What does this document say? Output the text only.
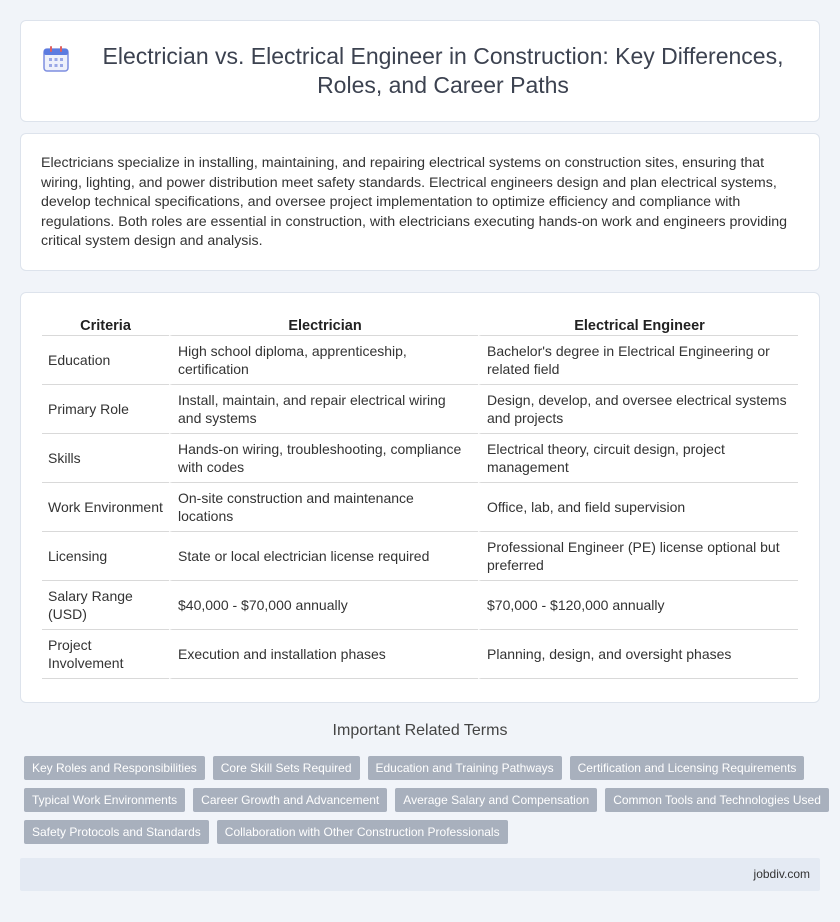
Electrician vs. Electrical Engineer in Construction: Key Differences, Roles, and Career Paths

Electricians specialize in installing, maintaining, and repairing electrical systems on construction sites, ensuring that wiring, lighting, and power distribution meet safety standards. Electrical engineers design and plan electrical systems, develop technical specifications, and oversee project implementation to optimize efficiency and compliance with regulations. Both roles are essential in construction, with electricians executing hands-on work and engineers providing critical system design and analysis.

Criteria	Electrician	Electrical Engineer
Education	High school diploma, apprenticeship, certification	Bachelor's degree in Electrical Engineering or related field
Primary Role	Install, maintain, and repair electrical wiring and systems	Design, develop, and oversee electrical systems and projects
Skills	Hands-on wiring, troubleshooting, compliance with codes	Electrical theory, circuit design, project management
Work Environment	On-site construction and maintenance locations	Office, lab, and field supervision
Licensing	State or local electrician license required	Professional Engineer (PE) license optional but preferred
Salary Range (USD)	$40,000 - $70,000 annually	$70,000 - $120,000 annually
Project Involvement	Execution and installation phases	Planning, design, and oversight phases
Important Related Terms
Key Roles and Responsibilities	Core Skill Sets Required	Education and Training Pathways	Certification and Licensing Requirements
Typical Work Environments	Career Growth and Advancement	Average Salary and Compensation	Common Tools and Technologies Used
Safety Protocols and Standards	Collaboration with Other Construction Professionals
jobdiv.com
